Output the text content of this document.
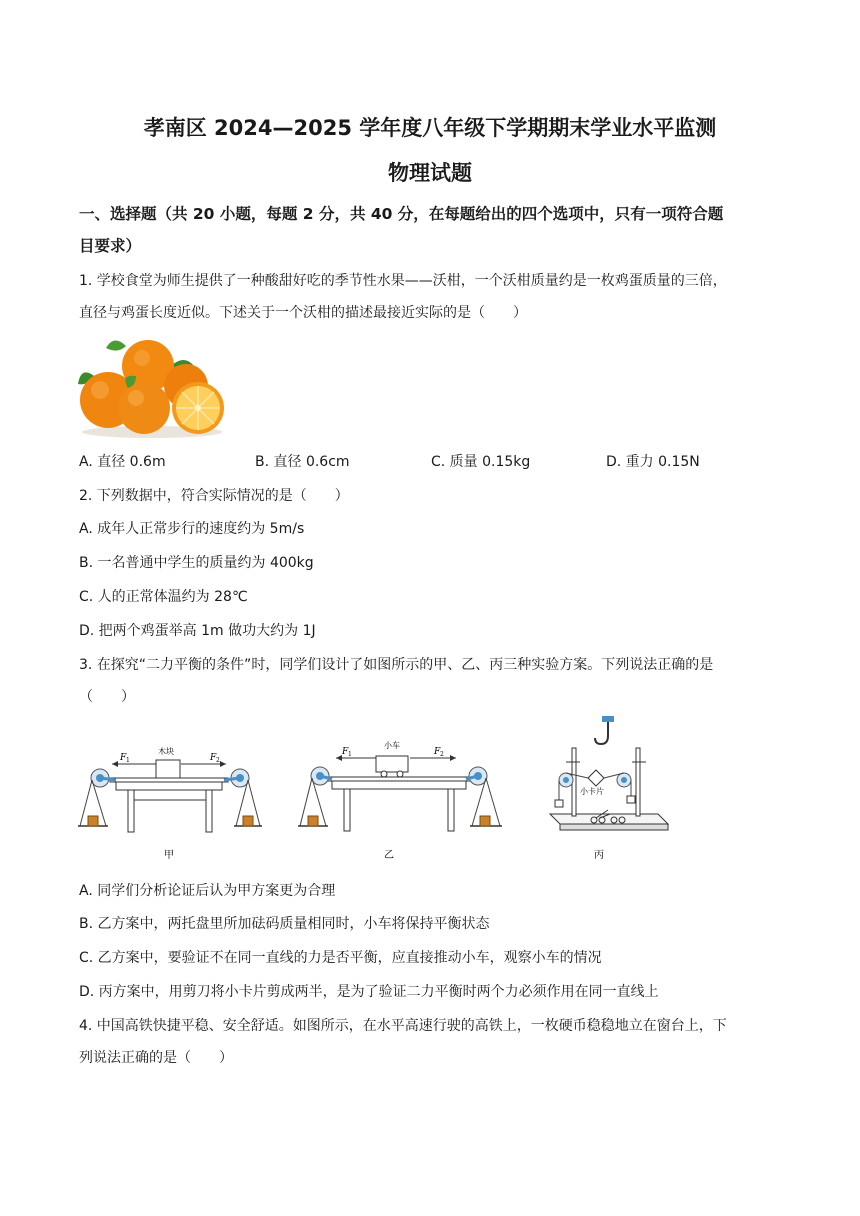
孝南区 2024—2025 学年度八年级下学期期末学业水平监测
物理试题
一、选择题（共 20 小题，每题 2 分，共 40 分，在每题给出的四个选项中，只有一项符合题
目要求）
1. 学校食堂为师生提供了一种酸甜好吃的季节性水果——沃柑，一个沃柑质量约是一枚鸡蛋质量的三倍，
直径与鸡蛋长度近似。下述关于一个沃柑的描述最接近实际的是（　　）
A. 直径 0.6m	B. 直径 0.6cm	C. 质量 0.15kg	D. 重力 0.15N
2. 下列数据中，符合实际情况的是（　　）
A. 成年人正常步行的速度约为 5m/s
B. 一名普通中学生的质量约为 400kg
C. 人的正常体温约为 28℃
D. 把两个鸡蛋举高 1m 做功大约为 1J
3. 在探究“二力平衡的条件”时，同学们设计了如图所示的甲、乙、丙三种实验方案。下列说法正确的是
（　　）
F 1	F 2
木块
甲
F 1	F 2
小车
乙
小卡片
丙
A. 同学们分析论证后认为甲方案更为合理
B. 乙方案中，两托盘里所加砝码质量相同时，小车将保持平衡状态
C. 乙方案中，要验证不在同一直线的力是否平衡，应直接推动小车，观察小车的情况
D. 丙方案中，用剪刀将小卡片剪成两半，是为了验证二力平衡时两个力必须作用在同一直线上
4. 中国高铁快捷平稳、安全舒适。如图所示，在水平高速行驶的高铁上，一枚硬币稳稳地立在窗台上，下
列说法正确的是（　　）
